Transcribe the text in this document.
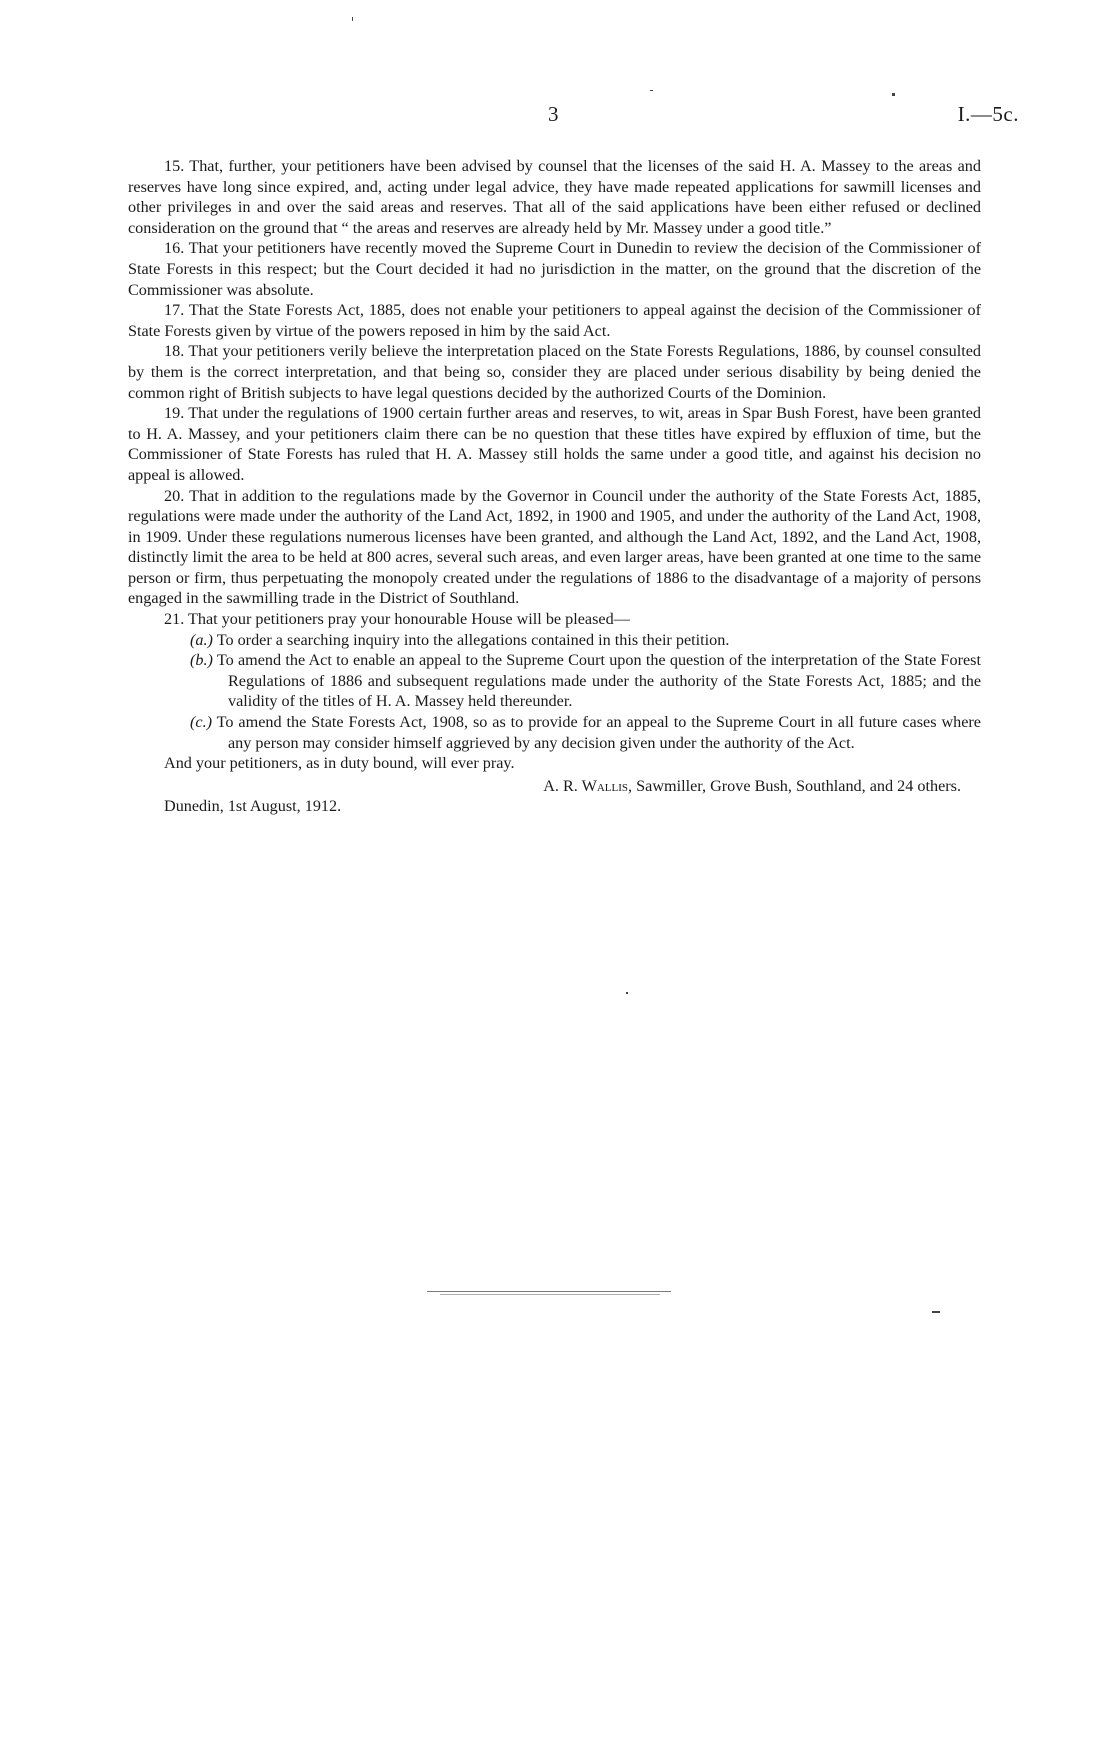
3	I.—5c.

15. That, further, your petitioners have been advised by counsel that the licenses of the said H. A. Massey to the areas and reserves have long since expired, and, acting under legal advice, they have made repeated applications for sawmill licenses and other privileges in and over the said areas and reserves. That all of the said applications have been either refused or declined consideration on the ground that “ the areas and reserves are already held by Mr. Massey under a good title.”

16. That your petitioners have recently moved the Supreme Court in Dunedin to review the decision of the Commissioner of State Forests in this respect; but the Court decided it had no jurisdiction in the matter, on the ground that the discretion of the Commissioner was absolute.

17. That the State Forests Act, 1885, does not enable your petitioners to appeal against the decision of the Commissioner of State Forests given by virtue of the powers reposed in him by the said Act.

18. That your petitioners verily believe the interpretation placed on the State Forests Regulations, 1886, by counsel consulted by them is the correct interpretation, and that being so, consider they are placed under serious disability by being denied the common right of British subjects to have legal questions decided by the authorized Courts of the Dominion.

19. That under the regulations of 1900 certain further areas and reserves, to wit, areas in Spar Bush Forest, have been granted to H. A. Massey, and your petitioners claim there can be no question that these titles have expired by effluxion of time, but the Commissioner of State Forests has ruled that H. A. Massey still holds the same under a good title, and against his decision no appeal is allowed.

20. That in addition to the regulations made by the Governor in Council under the authority of the State Forests Act, 1885, regulations were made under the authority of the Land Act, 1892, in 1900 and 1905, and under the authority of the Land Act, 1908, in 1909. Under these regulations numerous licenses have been granted, and although the Land Act, 1892, and the Land Act, 1908, distinctly limit the area to be held at 800 acres, several such areas, and even larger areas, have been granted at one time to the same person or firm, thus perpetuating the monopoly created under the regulations of 1886 to the disadvantage of a majority of persons engaged in the sawmilling trade in the District of Southland.

21. That your petitioners pray your honourable House will be pleased—

(a.) To order a searching inquiry into the allegations contained in this their petition.
(b.) To amend the Act to enable an appeal to the Supreme Court upon the question of the interpretation of the State Forest Regulations of 1886 and subsequent regulations made under the authority of the State Forests Act, 1885; and the validity of the titles of H. A. Massey held thereunder.
(c.) To amend the State Forests Act, 1908, so as to provide for an appeal to the Supreme Court in all future cases where any person may consider himself aggrieved by any decision given under the authority of the Act.

And your petitioners, as in duty bound, will ever pray.

A. R. Wallis, Sawmiller, Grove Bush, Southland, and 24 others.

Dunedin, 1st August, 1912.
